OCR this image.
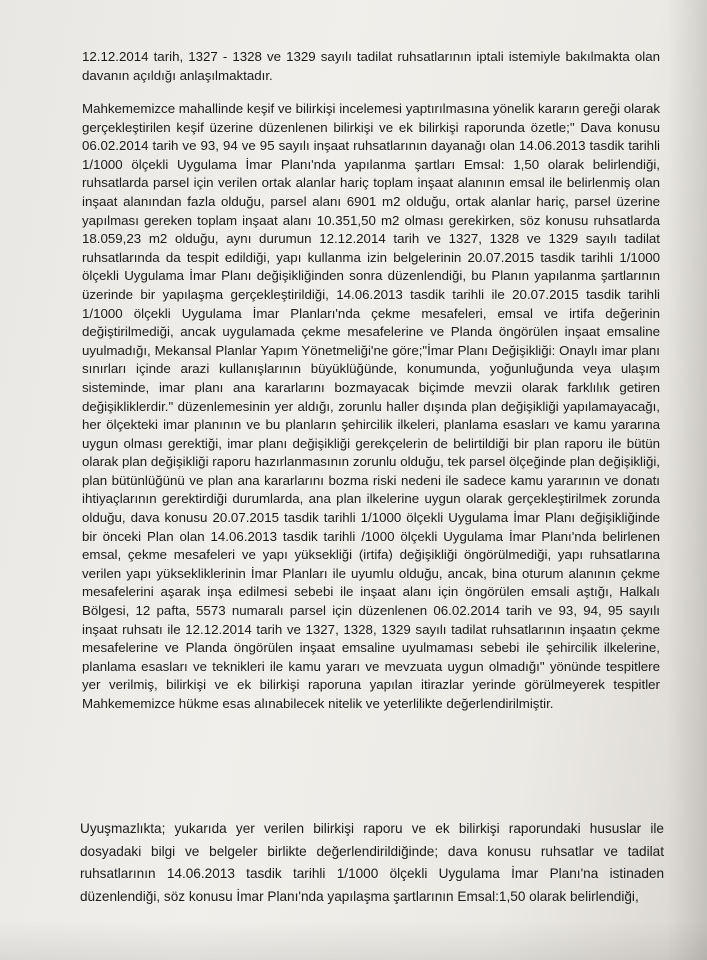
12.12.2014 tarih, 1327 - 1328 ve 1329 sayılı tadilat ruhsatlarının iptali istemiyle bakılmakta olan davanın açıldığı anlaşılmaktadır.

Mahkememizce mahallinde keşif ve bilirkişi incelemesi yaptırılmasına yönelik kararın gereği olarak gerçekleştirilen keşif üzerine düzenlenen bilirkişi ve ek bilirkişi raporunda özetle;" Dava konusu 06.02.2014 tarih ve 93, 94 ve 95 sayılı inşaat ruhsatlarının dayanağı olan 14.06.2013 tasdik tarihli 1/1000 ölçekli Uygulama İmar Planı'nda yapılanma şartları Emsal: 1,50 olarak belirlendiği, ruhsatlarda parsel için verilen ortak alanlar hariç toplam inşaat alanının emsal ile belirlenmiş olan inşaat alanından fazla olduğu, parsel alanı 6901 m2 olduğu, ortak alanlar hariç, parsel üzerine yapılması gereken toplam inşaat alanı 10.351,50 m2 olması gerekirken, söz konusu ruhsatlarda 18.059,23 m2 olduğu, aynı durumun 12.12.2014 tarih ve 1327, 1328 ve 1329 sayılı tadilat ruhsatlarında da tespit edildiği, yapı kullanma izin belgelerinin 20.07.2015 tasdik tarihli 1/1000 ölçekli Uygulama İmar Planı değişikliğinden sonra düzenlendiği, bu Planın yapılanma şartlarının üzerinde bir yapılaşma gerçekleştirildiği, 14.06.2013 tasdik tarihli ile 20.07.2015 tasdik tarihli 1/1000 ölçekli Uygulama İmar Planları'nda çekme mesafeleri, emsal ve irtifa değerinin değiştirilmediği, ancak uygulamada çekme mesafelerine ve Planda öngörülen inşaat emsaline uyulmadığı, Mekansal Planlar Yapım Yönetmeliği'ne göre;"İmar Planı Değişikliği: Onaylı imar planı sınırları içinde arazi kullanışlarının büyüklüğünde, konumunda, yoğunluğunda veya ulaşım sisteminde, imar planı ana kararlarını bozmayacak biçimde mevzii olarak farklılık getiren değişikliklerdir." düzenlemesinin yer aldığı, zorunlu haller dışında plan değişikliği yapılamayacağı, her ölçekteki imar planının ve bu planların şehircilik ilkeleri, planlama esasları ve kamu yararına uygun olması gerektiği, imar planı değişikliği gerekçelerin de belirtildiği bir plan raporu ile bütün olarak plan değişikliği raporu hazırlanmasının zorunlu olduğu, tek parsel ölçeğinde plan değişikliği, plan bütünlüğünü ve plan ana kararlarını bozma riski nedeni ile sadece kamu yararının ve donatı ihtiyaçlarının gerektirdiği durumlarda, ana plan ilkelerine uygun olarak gerçekleştirilmek zorunda olduğu, dava konusu 20.07.2015 tasdik tarihli 1/1000 ölçekli Uygulama İmar Planı değişikliğinde bir önceki Plan olan 14.06.2013 tasdik tarihli /1000 ölçekli Uygulama İmar Planı'nda belirlenen emsal, çekme mesafeleri ve yapı yüksekliği (irtifa) değişikliği öngörülmediği, yapı ruhsatlarına verilen yapı yüksekliklerinin İmar Planları ile uyumlu olduğu, ancak, bina oturum alanının çekme mesafelerini aşarak inşa edilmesi sebebi ile inşaat alanı için öngörülen emsali aştığı, Halkalı Bölgesi, 12 pafta, 5573 numaralı parsel için düzenlenen 06.02.2014 tarih ve 93, 94, 95 sayılı inşaat ruhsatı ile 12.12.2014 tarih ve 1327, 1328, 1329 sayılı tadilat ruhsatlarının inşaatın çekme mesafelerine ve Planda öngörülen inşaat emsaline uyulmaması sebebi ile şehircilik ilkelerine, planlama esasları ve teknikleri ile kamu yararı ve mevzuata uygun olmadığı" yönünde tespitlere yer verilmiş, bilirkişi ve ek bilirkişi raporuna yapılan itirazlar yerinde görülmeyerek tespitler Mahkememizce hükme esas alınabilecek nitelik ve yeterlilikte değerlendirilmiştir.

Uyuşmazlıkta; yukarıda yer verilen bilirkişi raporu ve ek bilirkişi raporundaki hususlar ile dosyadaki bilgi ve belgeler birlikte değerlendirildiğinde; dava konusu ruhsatlar ve tadilat ruhsatlarının 14.06.2013 tasdik tarihli 1/1000 ölçekli Uygulama İmar Planı'na istinaden düzenlendiği, söz konusu İmar Planı'nda yapılaşma şartlarının Emsal:1,50 olarak belirlendiği,
